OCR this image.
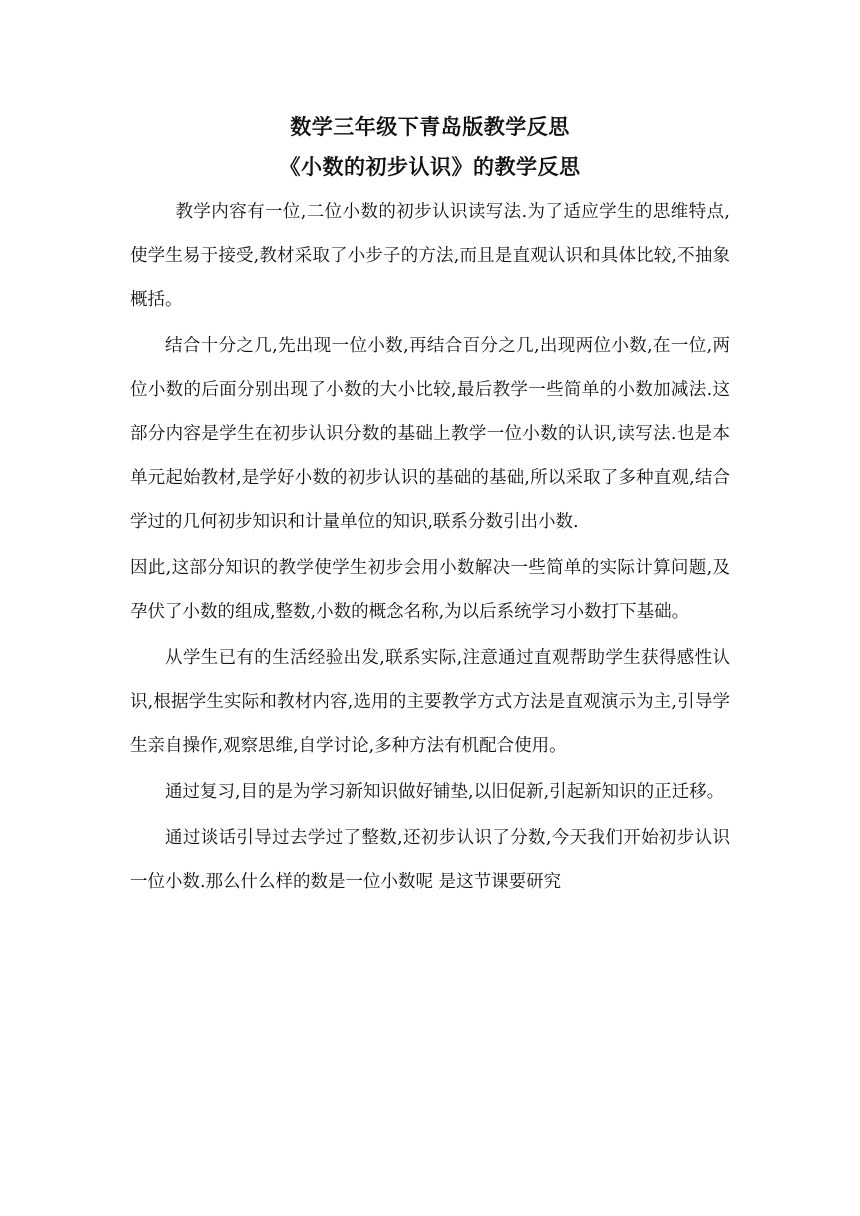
数学三年级下青岛版教学反思
《小数的初步认识》的教学反思

教学内容有一位,二位小数的初步认识读写法.为了适应学生的思维特点,使学生易于接受,教材采取了小步子的方法,而且是直观认识和具体比较,不抽象概括。

结合十分之几,先出现一位小数,再结合百分之几,出现两位小数,在一位,两位小数的后面分别出现了小数的大小比较,最后教学一些简单的小数加减法.这部分内容是学生在初步认识分数的基础上教学一位小数的认识,读写法.也是本单元起始教材,是学好小数的初步认识的基础的基础,所以采取了多种直观,结合学过的几何初步知识和计量单位的知识,联系分数引出小数.

因此,这部分知识的教学使学生初步会用小数解决一些简单的实际计算问题,及孕伏了小数的组成,整数,小数的概念名称,为以后系统学习小数打下基础。

从学生已有的生活经验出发,联系实际,注意通过直观帮助学生获得感性认识,根据学生实际和教材内容,选用的主要教学方式方法是直观演示为主,引导学生亲自操作,观察思维,自学讨论,多种方法有机配合使用。

通过复习,目的是为学习新知识做好铺垫,以旧促新,引起新知识的正迁移。

通过谈话引导过去学过了整数,还初步认识了分数,今天我们开始初步认识一位小数.那么什么样的数是一位小数呢 是这节课要研究
